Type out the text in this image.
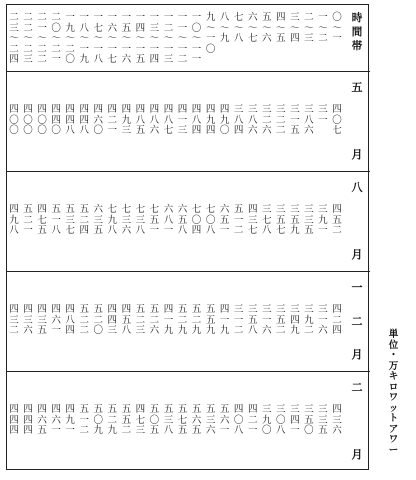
時
間
帯
〇
〜
一
一
〜
二
二
〜
三
三
〜
四
四
〜
五
五
〜
六
六
〜
七
七
〜
八
八
〜
九
九
〜
一
〇
一
〇
〜
一
一
一
一
〜
一
二
一
二
〜
一
三
一
三
〜
一
四
一
四
〜
一
五
一
五
〜
一
六
一
六
〜
一
七
一
七
〜
一
八
一
八
〜
一
九
一
九
〜
二
〇
二
〇
〜
二
一
二
一
〜
二
二
二
二
〜
二
三
二
三
〜
二
四
五
月
四
〇
七
三
一
三
八
六
三
一
五
三
二
二
三
二
六
三
八
六
三
八
四
四
九
〇
四
九
四
四
八
四
四
一
三
四
八
七
四
八
六
四
八
五
四
九
三
四
二
一
四
六
〇
四
四
八
四
四
八
四
四
〇
四
〇
〇
四
〇
〇
四
〇
〇
八
月
四
五
二
三
九
一
三
三
五
三
五
九
三
五
七
三
七
八
四
三
七
五
一
二
六
五
一
七
〇
八
七
〇
四
六
五
八
六
八
一
七
五
一
七
三
八
七
三
六
七
九
八
六
三
五
五
二
四
五
三
七
五
一
八
四
七
五
五
二
一
四
九
八
一
二
月
四
二
四
三
一
六
三
九
二
三
四
九
三
五
二
三
一
六
三
五
八
三
一
二
四
一
九
五
五
九
五
二
九
五
二
九
四
一
九
五
二
六
五
二
三
四
五
八
四
四
三
五
二
〇
五
二
二
四
八
四
四
六
一
四
三
五
四
三
六
四
三
二
二
月
四
三
六
三
三
五
三
五
〇
三
四
一
三
〇
八
三
九
〇
四
二
一
四
〇
八
五
六
一
五
三
六
五
六
五
五
七
五
五
三
八
五
〇
五
四
七
三
五
五
二
五
二
九
五
〇
九
五
一
二
四
九
一
四
六
一
四
六
五
四
四
四
四
四
四
単
位
・
万
キ
ロ
ワ
ッ
ト
ア
ワ
ー
